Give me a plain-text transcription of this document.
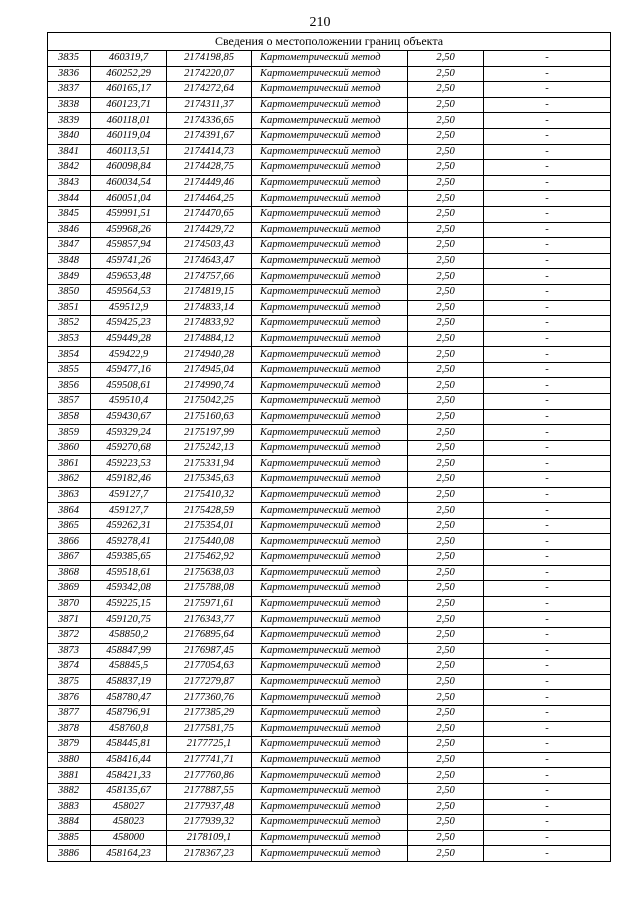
210
Сведения о местоположении границ объекта					
3835	460319,7	2174198,85	Картометрический метод	2,50	-
3836	460252,29	2174220,07	Картометрический метод	2,50	-
3837	460165,17	2174272,64	Картометрический метод	2,50	-
3838	460123,71	2174311,37	Картометрический метод	2,50	-
3839	460118,01	2174336,65	Картометрический метод	2,50	-
3840	460119,04	2174391,67	Картометрический метод	2,50	-
3841	460113,51	2174414,73	Картометрический метод	2,50	-
3842	460098,84	2174428,75	Картометрический метод	2,50	-
3843	460034,54	2174449,46	Картометрический метод	2,50	-
3844	460051,04	2174464,25	Картометрический метод	2,50	-
3845	459991,51	2174470,65	Картометрический метод	2,50	-
3846	459968,26	2174429,72	Картометрический метод	2,50	-
3847	459857,94	2174503,43	Картометрический метод	2,50	-
3848	459741,26	2174643,47	Картометрический метод	2,50	-
3849	459653,48	2174757,66	Картометрический метод	2,50	-
3850	459564,53	2174819,15	Картометрический метод	2,50	-
3851	459512,9	2174833,14	Картометрический метод	2,50	-
3852	459425,23	2174833,92	Картометрический метод	2,50	-
3853	459449,28	2174884,12	Картометрический метод	2,50	-
3854	459422,9	2174940,28	Картометрический метод	2,50	-
3855	459477,16	2174945,04	Картометрический метод	2,50	-
3856	459508,61	2174990,74	Картометрический метод	2,50	-
3857	459510,4	2175042,25	Картометрический метод	2,50	-
3858	459430,67	2175160,63	Картометрический метод	2,50	-
3859	459329,24	2175197,99	Картометрический метод	2,50	-
3860	459270,68	2175242,13	Картометрический метод	2,50	-
3861	459223,53	2175331,94	Картометрический метод	2,50	-
3862	459182,46	2175345,63	Картометрический метод	2,50	-
3863	459127,7	2175410,32	Картометрический метод	2,50	-
3864	459127,7	2175428,59	Картометрический метод	2,50	-
3865	459262,31	2175354,01	Картометрический метод	2,50	-
3866	459278,41	2175440,08	Картометрический метод	2,50	-
3867	459385,65	2175462,92	Картометрический метод	2,50	-
3868	459518,61	2175638,03	Картометрический метод	2,50	-
3869	459342,08	2175788,08	Картометрический метод	2,50	-
3870	459225,15	2175971,61	Картометрический метод	2,50	-
3871	459120,75	2176343,77	Картометрический метод	2,50	-
3872	458850,2	2176895,64	Картометрический метод	2,50	-
3873	458847,99	2176987,45	Картометрический метод	2,50	-
3874	458845,5	2177054,63	Картометрический метод	2,50	-
3875	458837,19	2177279,87	Картометрический метод	2,50	-
3876	458780,47	2177360,76	Картометрический метод	2,50	-
3877	458796,91	2177385,29	Картометрический метод	2,50	-
3878	458760,8	2177581,75	Картометрический метод	2,50	-
3879	458445,81	2177725,1	Картометрический метод	2,50	-
3880	458416,44	2177741,71	Картометрический метод	2,50	-
3881	458421,33	2177760,86	Картометрический метод	2,50	-
3882	458135,67	2177887,55	Картометрический метод	2,50	-
3883	458027	2177937,48	Картометрический метод	2,50	-
3884	458023	2177939,32	Картометрический метод	2,50	-
3885	458000	2178109,1	Картометрический метод	2,50	-
3886	458164,23	2178367,23	Картометрический метод	2,50	-
